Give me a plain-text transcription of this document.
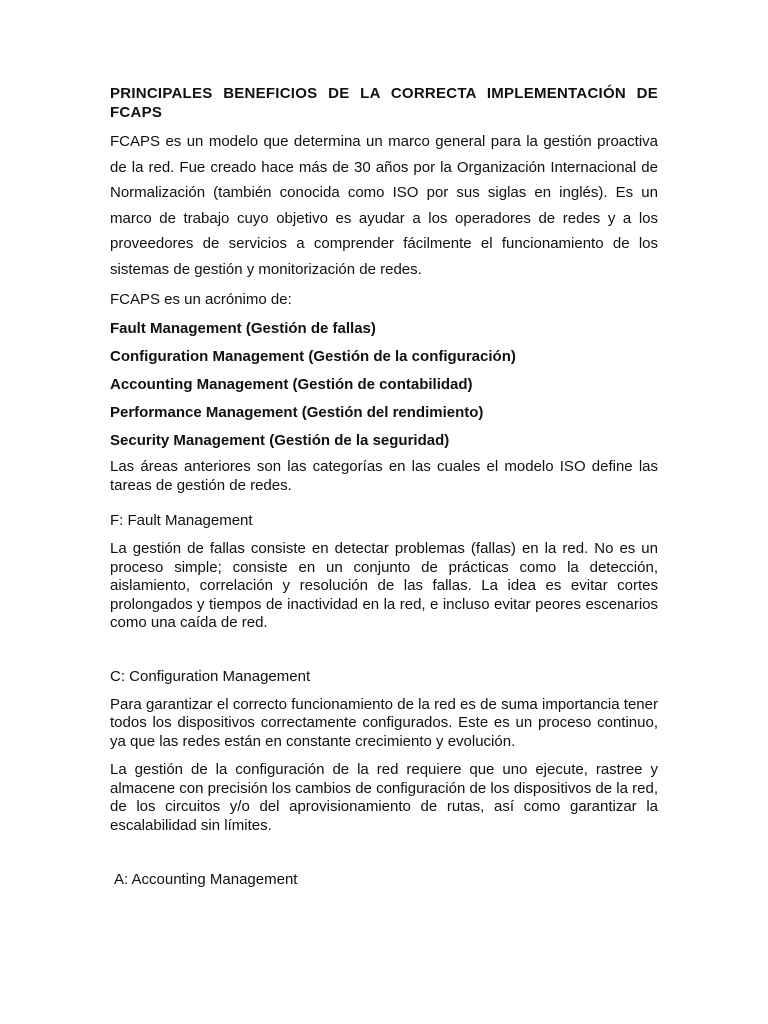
PRINCIPALES BENEFICIOS DE LA CORRECTA IMPLEMENTACIÓN DE FCAPS

FCAPS es un modelo que determina un marco general para la gestión proactiva de la red. Fue creado hace más de 30 años por la Organización Internacional de Normalización (también conocida como ISO por sus siglas en inglés). Es un marco de trabajo cuyo objetivo es ayudar a los operadores de redes y a los proveedores de servicios a comprender fácilmente el funcionamiento de los sistemas de gestión y monitorización de redes.

FCAPS es un acrónimo de:

Fault Management (Gestión de fallas)

Configuration Management (Gestión de la configuración)

Accounting Management (Gestión de contabilidad)

Performance Management (Gestión del rendimiento)

Security Management (Gestión de la seguridad)

Las áreas anteriores son las categorías en las cuales el modelo ISO define las tareas de gestión de redes.

F: Fault Management

La gestión de fallas consiste en detectar problemas (fallas) en la red. No es un proceso simple; consiste en un conjunto de prácticas como la detección, aislamiento, correlación y resolución de las fallas. La idea es evitar cortes prolongados y tiempos de inactividad en la red, e incluso evitar peores escenarios como una caída de red.

C: Configuration Management

Para garantizar el correcto funcionamiento de la red es de suma importancia tener todos los dispositivos correctamente configurados. Este es un proceso continuo, ya que las redes están en constante crecimiento y evolución.

La gestión de la configuración de la red requiere que uno ejecute, rastree y almacene con precisión los cambios de configuración de los dispositivos de la red, de los circuitos y/o del aprovisionamiento de rutas, así como garantizar la escalabilidad sin límites.

A: Accounting Management
